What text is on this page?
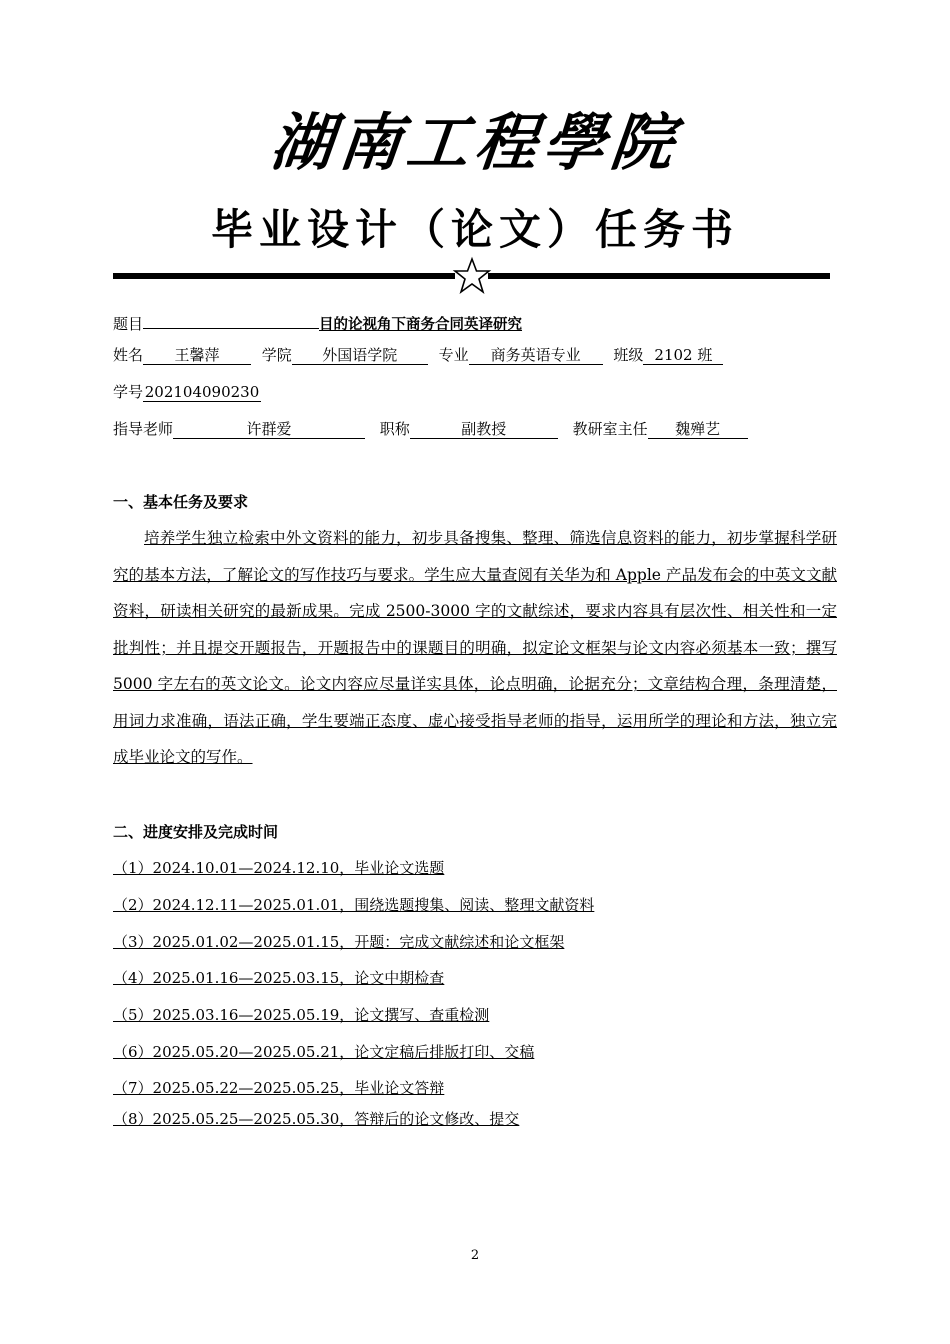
湖南工程學院
毕业设计（论文）任务书
题目	目的论视角下商务合同英译研究
姓名 王馨萍	学院 外国语学院	专业 商务英语专业 班级 2102 班
学号 202104090230
指导老师	许群爱	职称	副教授	教研室主任 魏殚艺
一、基本任务及要求
培养学生独立检索中外文资料的能力，初步具备搜集、整理、筛选信息资料的能力，初步掌握科学研究的基本方法，了解论文的写作技巧与要求。学生应大量查阅有关华为和 Apple 产品发布会的中英文文献资料，研读相关研究的最新成果。完成 2500-3000 字的文献综述，要求内容具有层次性、相关性和一定批判性；并且提交开题报告，开题报告中的课题目的明确，拟定论文框架与论文内容必须基本一致；撰写 5000 字左右的英文论文。论文内容应尽量详实具体，论点明确，论据充分；文章结构合理，条理清楚，用词力求准确，语法正确，学生要端正态度、虚心接受指导老师的指导，运用所学的理论和方法，独立完成毕业论文的写作。
二、进度安排及完成时间
（1）2024.10.01—2024.12.10，毕业论文选题
（2）2024.12.11—2025.01.01，围绕选题搜集、阅读、整理文献资料
（3）2025.01.02—2025.01.15，开题：完成文献综述和论文框架
（4）2025.01.16—2025.03.15，论文中期检查
（5）2025.03.16—2025.05.19，论文撰写、查重检测
（6）2025.05.20—2025.05.21，论文定稿后排版打印、交稿
（7）2025.05.22—2025.05.25，毕业论文答辩
（8）2025.05.25—2025.05.30，答辩后的论文修改、提交
2
